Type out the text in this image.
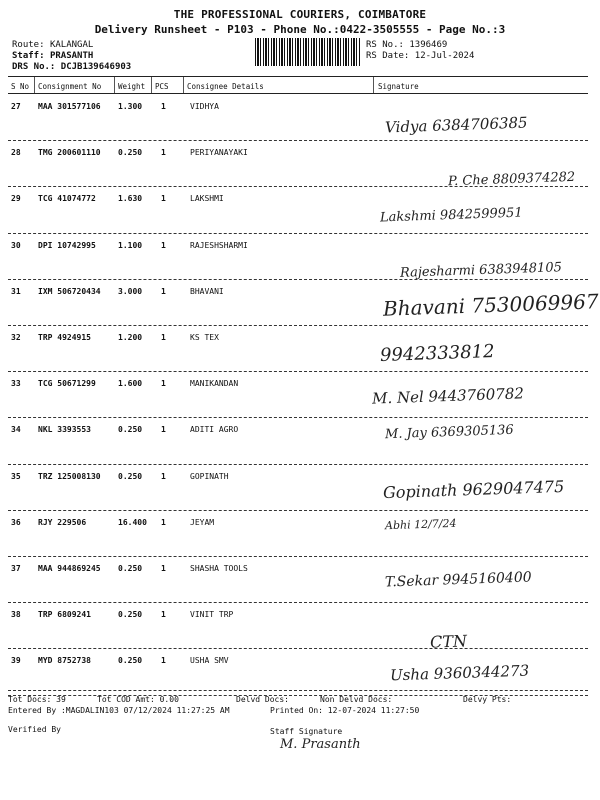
THE PROFESSIONAL COURIERS, COIMBATORE
Delivery Runsheet - P103 - Phone No.:0422-3505555 - Page No.:3
Route: KALANGAL
Staff: PRASANTH
DRS No.: DCJB139646903
RS No.: 1396469
RS Date: 12-Jul-2024
S No Consignment No Weight PCS Consignee Details	Signature
27 MAA 301577106 1.300 1	VIDHYA
Vidya 6384706385
28 TMG 200601110 0.250 1	PERIYANAYAKI
P. Che 8809374282
29 TCG 41074772	1.630 1	LAKSHMI
Lakshmi 9842599951
30 DPI 10742995	1.100 1	RAJESHSHARMI
Rajesharmi 6383948105
31 IXM 506720434 3.000 1	BHAVANI	Bhavani 7530069967
32 TRP 4924915	1.200 1	KS TEX
9942333812
33 TCG 50671299	1.600 1	MANIKANDAN
M. Nel 9443760782
34 NKL 3393553	0.250 1	ADITI AGRO	M. Jay 6369305136
35 TRZ 125008130 0.250 1	GOPINATH
Gopinath 9629047475
36 RJY 229506	16.400 1	JEYAM	Abhi 12/7/24
37 MAA 944869245 0.250 1	SHASHA TOOLS
T.Sekar 9945160400
38 TRP 6809241	0.250 1	VINIT TRP
CTN
39 MYD 8752738	0.250 1	USHA SMV
Usha 9360344273
Tot Docs: 39	Tot COD Amt: 0.00	Delvd Docs:	Non Delvd Docs:	Delvy Pts:
Entered By :MAGDALIN103 07/12/2024 11:27:25 AM	Printed On: 12-07-2024 11:27:50
Verified By	Staff Signature
M. Prasanth
